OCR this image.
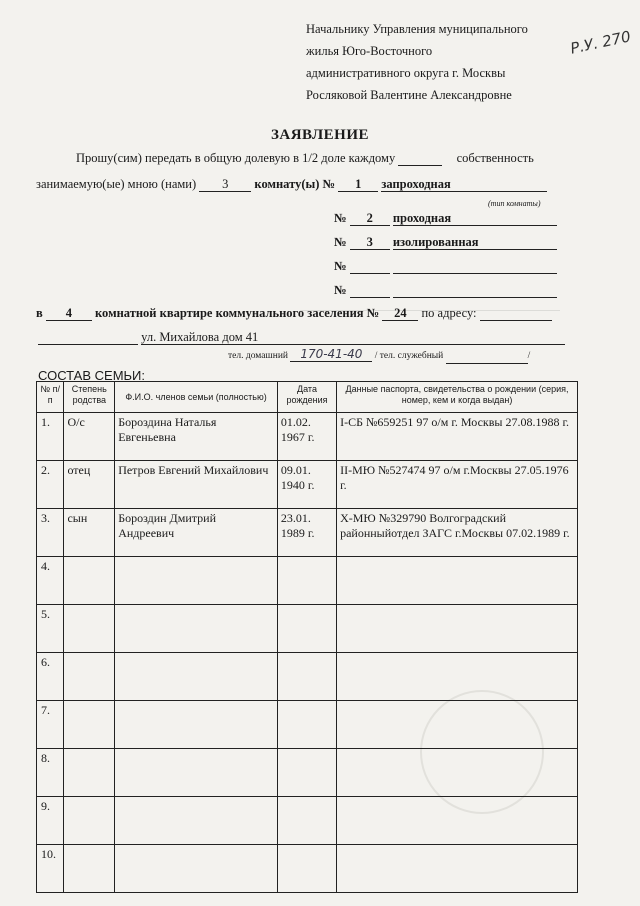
Начальнику Управления муниципального
жилья Юго-Восточного
административного округа г. Москвы
Росляковой Валентине Александровне
Р.У. 270
ЗАЯВЛЕНИЕ
Прошу(сим) передать в общую долевую в 1/2 доле каждому	собственность
занимаемую(ые) мною (нами) 3 комнату(ы) № 1 запроходная
(тип комнаты)
№ 2 проходная
№ 3 изолированная
№
№
в 4 комнатной квартире коммунального заселения № 24 по адресу:
ул. Михайлова дом 41
тел. домашний 170-41-40 / тел. служебный	/
СОСТАВ СЕМЬИ:
№ п/п	Степень родства	Ф.И.О. членов семьи (полностью)	Дата рождения	Данные паспорта, свидетельства о рождении (серия, номер, кем и когда выдан)
1.	О/с	Бороздина Наталья Евгеньевна	01.02. 1967 г.	I-СБ №659251 97 о/м г. Москвы 27.08.1988 г.
2.	отец	Петров Евгений Михайлович	09.01. 1940 г.	II-МЮ №527474 97 о/м г.Москвы 27.05.1976 г.
3.	сын	Бороздин Дмитрий Андреевич	23.01. 1989 г.	Х-МЮ №329790 Волгоградский районныйотдел ЗАГС г.Москвы 07.02.1989 г.
4.				
5.				
6.				
7.				
8.				
9.				
10.				
